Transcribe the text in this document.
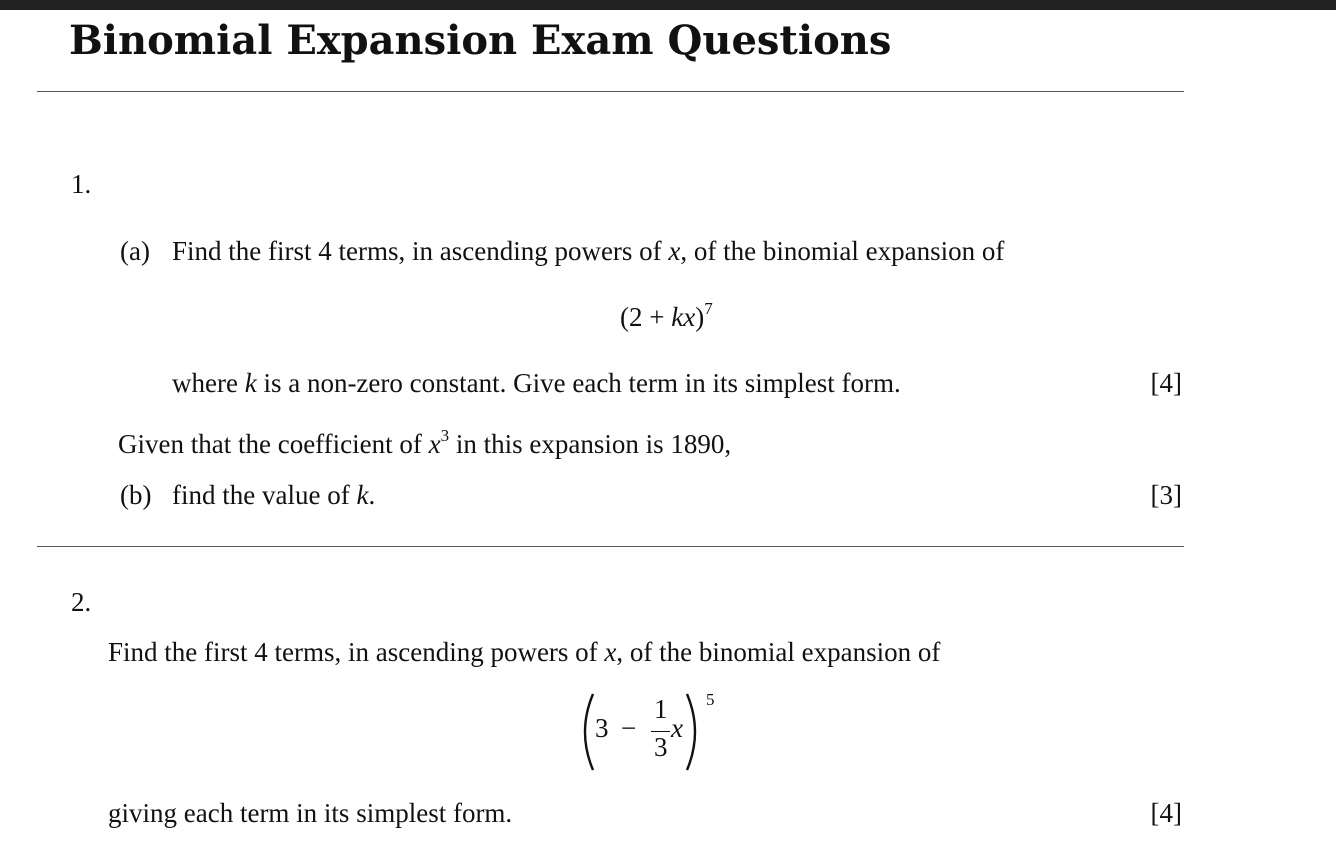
Binomial Expansion Exam Questions
1.
(a) Find the first 4 terms, in ascending powers of x, of the binomial expansion of
(2 + kx)$^7$
where k is a non-zero constant. Give each term in its simplest form.	[4]
Given that the coefficient of $x^3$ in this expansion is 1890,
(b) find the value of k.	[3]
2.
Find the first 4 terms, in ascending powers of x, of the binomial expansion of
3 −
1
3
x
5
giving each term in its simplest form.	[4]
